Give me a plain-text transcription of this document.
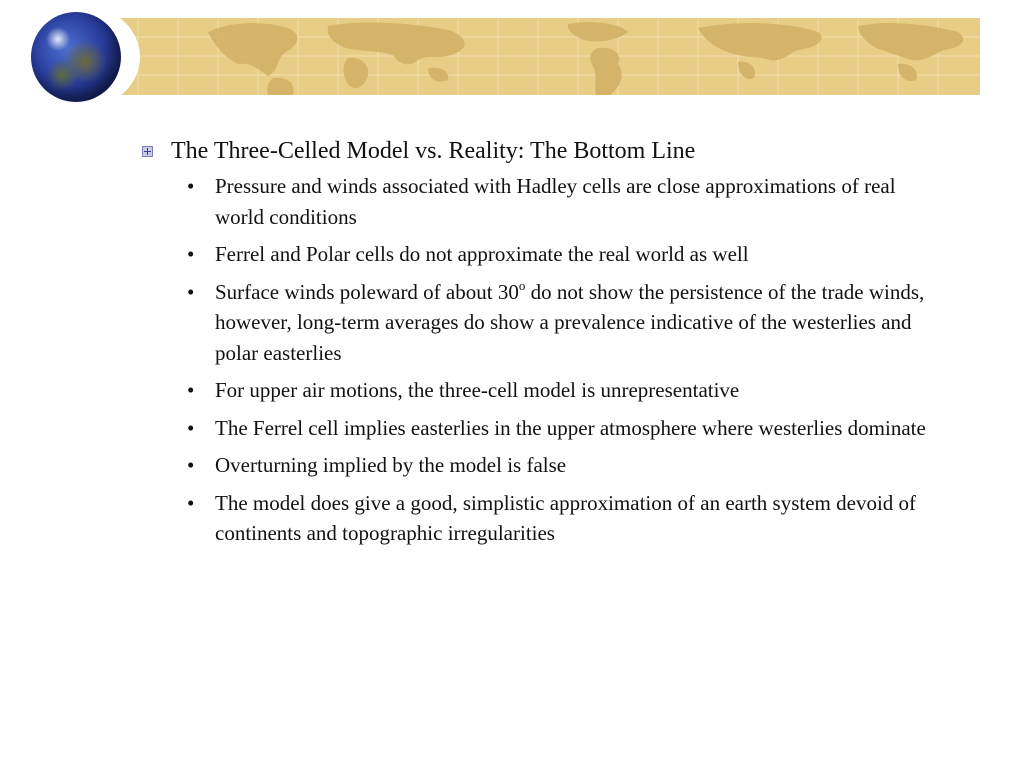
The Three-Celled Model vs. Reality: The Bottom Line
• Pressure and winds associated with Hadley cells are close approximations of real world conditions
• Ferrel and Polar cells do not approximate the real world as well
• Surface winds poleward of about 30$^o$ do not show the persistence of the trade winds, however, long-term averages do show a prevalence indicative of the westerlies and polar easterlies
• For upper air motions, the three-cell model is unrepresentative
• The Ferrel cell implies easterlies in the upper atmosphere where westerlies dominate
• Overturning implied by the model is false
• The model does give a good, simplistic approximation of an earth system devoid of continents and topographic irregularities
